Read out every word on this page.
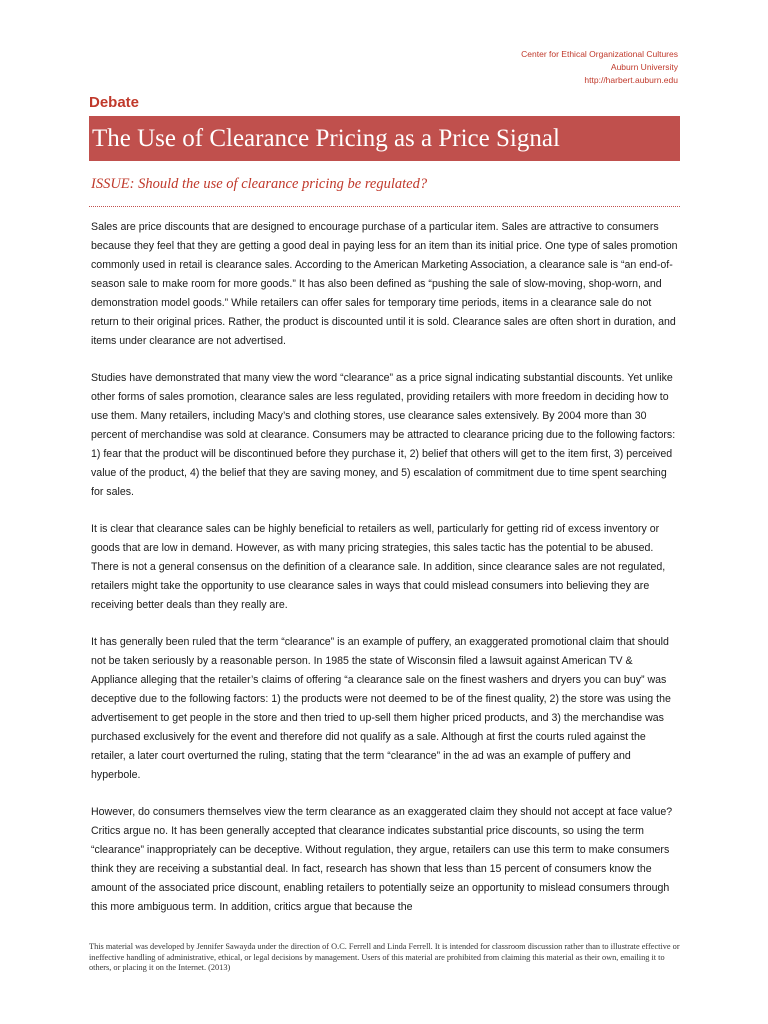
Center for Ethical Organizational Cultures
Auburn University
http://harbert.auburn.edu
Debate
The Use of Clearance Pricing as a Price Signal
ISSUE: Should the use of clearance pricing be regulated?

Sales are price discounts that are designed to encourage purchase of a particular item. Sales are attractive to consumers because they feel that they are getting a good deal in paying less for an item than its initial price. One type of sales promotion commonly used in retail is clearance sales. According to the American Marketing Association, a clearance sale is “an end-of-season sale to make room for more goods.” It has also been defined as “pushing the sale of slow-moving, shop-worn, and demonstration model goods.” While retailers can offer sales for temporary time periods, items in a clearance sale do not return to their original prices. Rather, the product is discounted until it is sold. Clearance sales are often short in duration, and items under clearance are not advertised.

Studies have demonstrated that many view the word “clearance” as a price signal indicating substantial discounts. Yet unlike other forms of sales promotion, clearance sales are less regulated, providing retailers with more freedom in deciding how to use them. Many retailers, including Macy’s and clothing stores, use clearance sales extensively. By 2004 more than 30 percent of merchandise was sold at clearance. Consumers may be attracted to clearance pricing due to the following factors: 1) fear that the product will be discontinued before they purchase it, 2) belief that others will get to the item first, 3) perceived value of the product, 4) the belief that they are saving money, and 5) escalation of commitment due to time spent searching for sales.

It is clear that clearance sales can be highly beneficial to retailers as well, particularly for getting rid of excess inventory or goods that are low in demand. However, as with many pricing strategies, this sales tactic has the potential to be abused. There is not a general consensus on the definition of a clearance sale. In addition, since clearance sales are not regulated, retailers might take the opportunity to use clearance sales in ways that could mislead consumers into believing they are receiving better deals than they really are.

It has generally been ruled that the term “clearance” is an example of puffery, an exaggerated promotional claim that should not be taken seriously by a reasonable person. In 1985 the state of Wisconsin filed a lawsuit against American TV & Appliance alleging that the retailer’s claims of offering “a clearance sale on the finest washers and dryers you can buy” was deceptive due to the following factors: 1) the products were not deemed to be of the finest quality, 2) the store was using the advertisement to get people in the store and then tried to up-sell them higher priced products, and 3) the merchandise was purchased exclusively for the event and therefore did not qualify as a sale. Although at first the courts ruled against the retailer, a later court overturned the ruling, stating that the term “clearance” in the ad was an example of puffery and hyperbole.

However, do consumers themselves view the term clearance as an exaggerated claim they should not accept at face value? Critics argue no. It has been generally accepted that clearance indicates substantial price discounts, so using the term “clearance” inappropriately can be deceptive. Without regulation, they argue, retailers can use this term to make consumers think they are receiving a substantial deal. In fact, research has shown that less than 15 percent of consumers know the amount of the associated price discount, enabling retailers to potentially seize an opportunity to mislead consumers through this more ambiguous term. In addition, critics argue that because the

This material was developed by Jennifer Sawayda under the direction of O.C. Ferrell and Linda Ferrell. It is intended for classroom discussion rather than to illustrate effective or ineffective handling of administrative, ethical, or legal decisions by management. Users of this material are prohibited from claiming this material as their own, emailing it to others, or placing it on the Internet. (2013)
